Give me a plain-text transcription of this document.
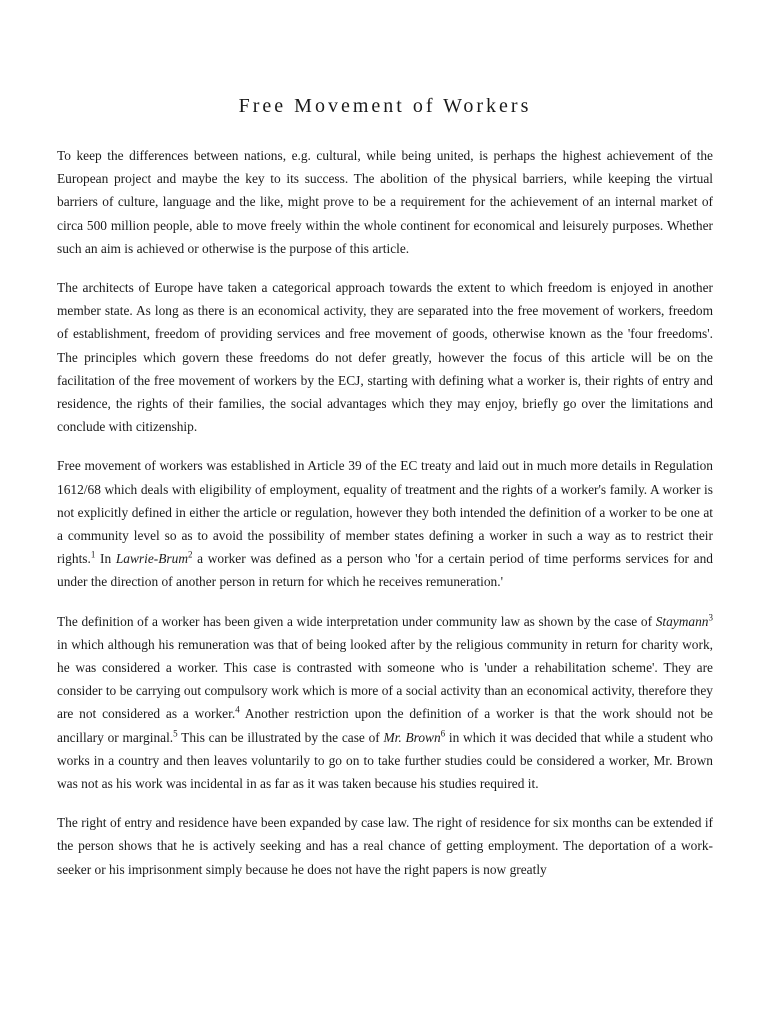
Free Movement of Workers

To keep the differences between nations, e.g. cultural, while being united, is perhaps the highest achievement of the European project and maybe the key to its success. The abolition of the physical barriers, while keeping the virtual barriers of culture, language and the like, might prove to be a requirement for the achievement of an internal market of circa 500 million people, able to move freely within the whole continent for economical and leisurely purposes. Whether such an aim is achieved or otherwise is the purpose of this article.

The architects of Europe have taken a categorical approach towards the extent to which freedom is enjoyed in another member state. As long as there is an economical activity, they are separated into the free movement of workers, freedom of establishment, freedom of providing services and free movement of goods, otherwise known as the 'four freedoms'. The principles which govern these freedoms do not defer greatly, however the focus of this article will be on the facilitation of the free movement of workers by the ECJ, starting with defining what a worker is, their rights of entry and residence, the rights of their families, the social advantages which they may enjoy, briefly go over the limitations and conclude with citizenship.

Free movement of workers was established in Article 39 of the EC treaty and laid out in much more details in Regulation 1612/68 which deals with eligibility of employment, equality of treatment and the rights of a worker's family. A worker is not explicitly defined in either the article or regulation, however they both intended the definition of a worker to be one at a community level so as to avoid the possibility of member states defining a worker in such a way as to restrict their rights.$^1$ In Lawrie-Brum$^2$ a worker was defined as a person who 'for a certain period of time performs services for and under the direction of another person in return for which he receives remuneration.'

The definition of a worker has been given a wide interpretation under community law as shown by the case of Staymann$^3$ in which although his remuneration was that of being looked after by the religious community in return for charity work, he was considered a worker. This case is contrasted with someone who is 'under a rehabilitation scheme'. They are consider to be carrying out compulsory work which is more of a social activity than an economical activity, therefore they are not considered as a worker.$^4$ Another restriction upon the definition of a worker is that the work should not be ancillary or marginal.$^5$ This can be illustrated by the case of Mr. Brown$^6$ in which it was decided that while a student who works in a country and then leaves voluntarily to go on to take further studies could be considered a worker, Mr. Brown was not as his work was incidental in as far as it was taken because his studies required it.

The right of entry and residence have been expanded by case law. The right of residence for six months can be extended if the person shows that he is actively seeking and has a real chance of getting employment. The deportation of a work-seeker or his imprisonment simply because he does not have the right papers is now greatly
